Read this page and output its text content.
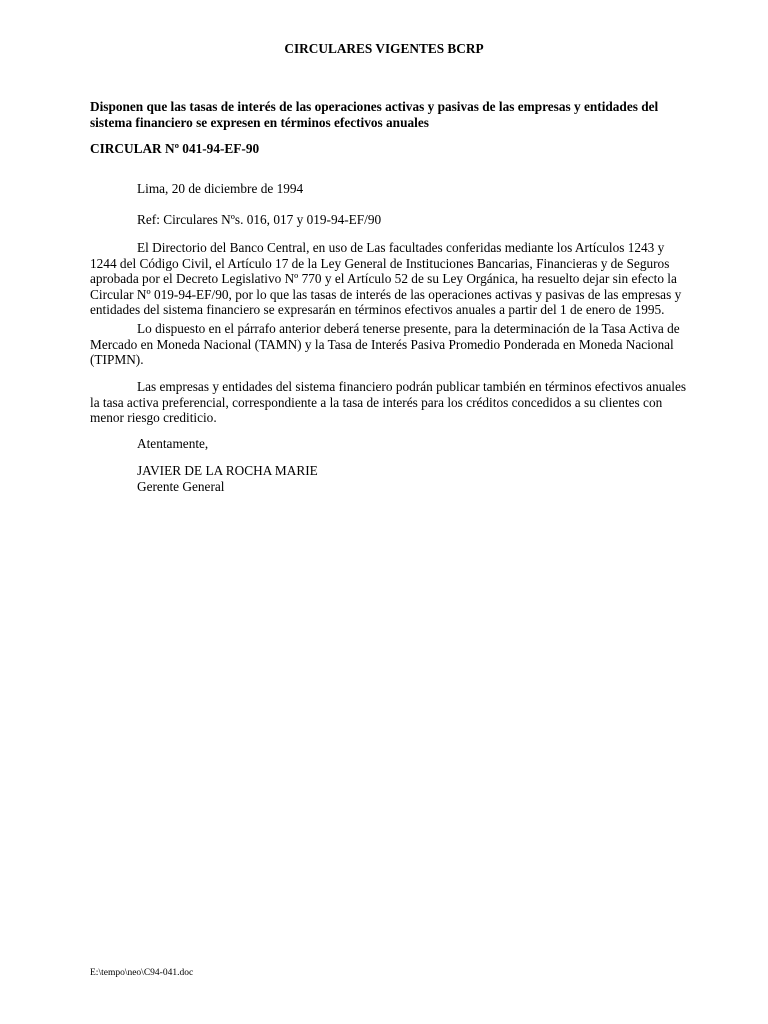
CIRCULARES VIGENTES BCRP
Disponen que las tasas de interés de las operaciones activas y pasivas de las empresas y entidades del sistema financiero se expresen en términos efectivos anuales
CIRCULAR Nº 041-94-EF-90
Lima, 20 de diciembre de 1994
Ref: Circulares Nºs. 016, 017 y 019-94-EF/90
El Directorio del Banco Central, en uso de Las facultades conferidas mediante los Artículos 1243 y 1244 del Código Civil, el Artículo 17 de la Ley General de Instituciones Bancarias, Financieras y de Seguros aprobada por el Decreto Legislativo Nº 770 y el Artículo 52 de su Ley Orgánica, ha resuelto dejar sin efecto la Circular Nº 019-94-EF/90, por lo que las tasas de interés de las operaciones activas y pasivas de las empresas y entidades del sistema financiero se expresarán en términos efectivos anuales a partir del 1 de enero de 1995.
Lo dispuesto en el párrafo anterior deberá tenerse presente, para la determinación de la Tasa Activa de Mercado en Moneda Nacional (TAMN) y la Tasa de Interés Pasiva Promedio Ponderada en Moneda Nacional (TIPMN).
Las empresas y entidades del sistema financiero podrán publicar también en términos efectivos anuales la tasa activa preferencial, correspondiente a la tasa de interés para los créditos concedidos a su clientes con menor riesgo crediticio.
Atentamente,
JAVIER DE LA ROCHA MARIE
Gerente General
E:\tempo\neo\C94-041.doc
